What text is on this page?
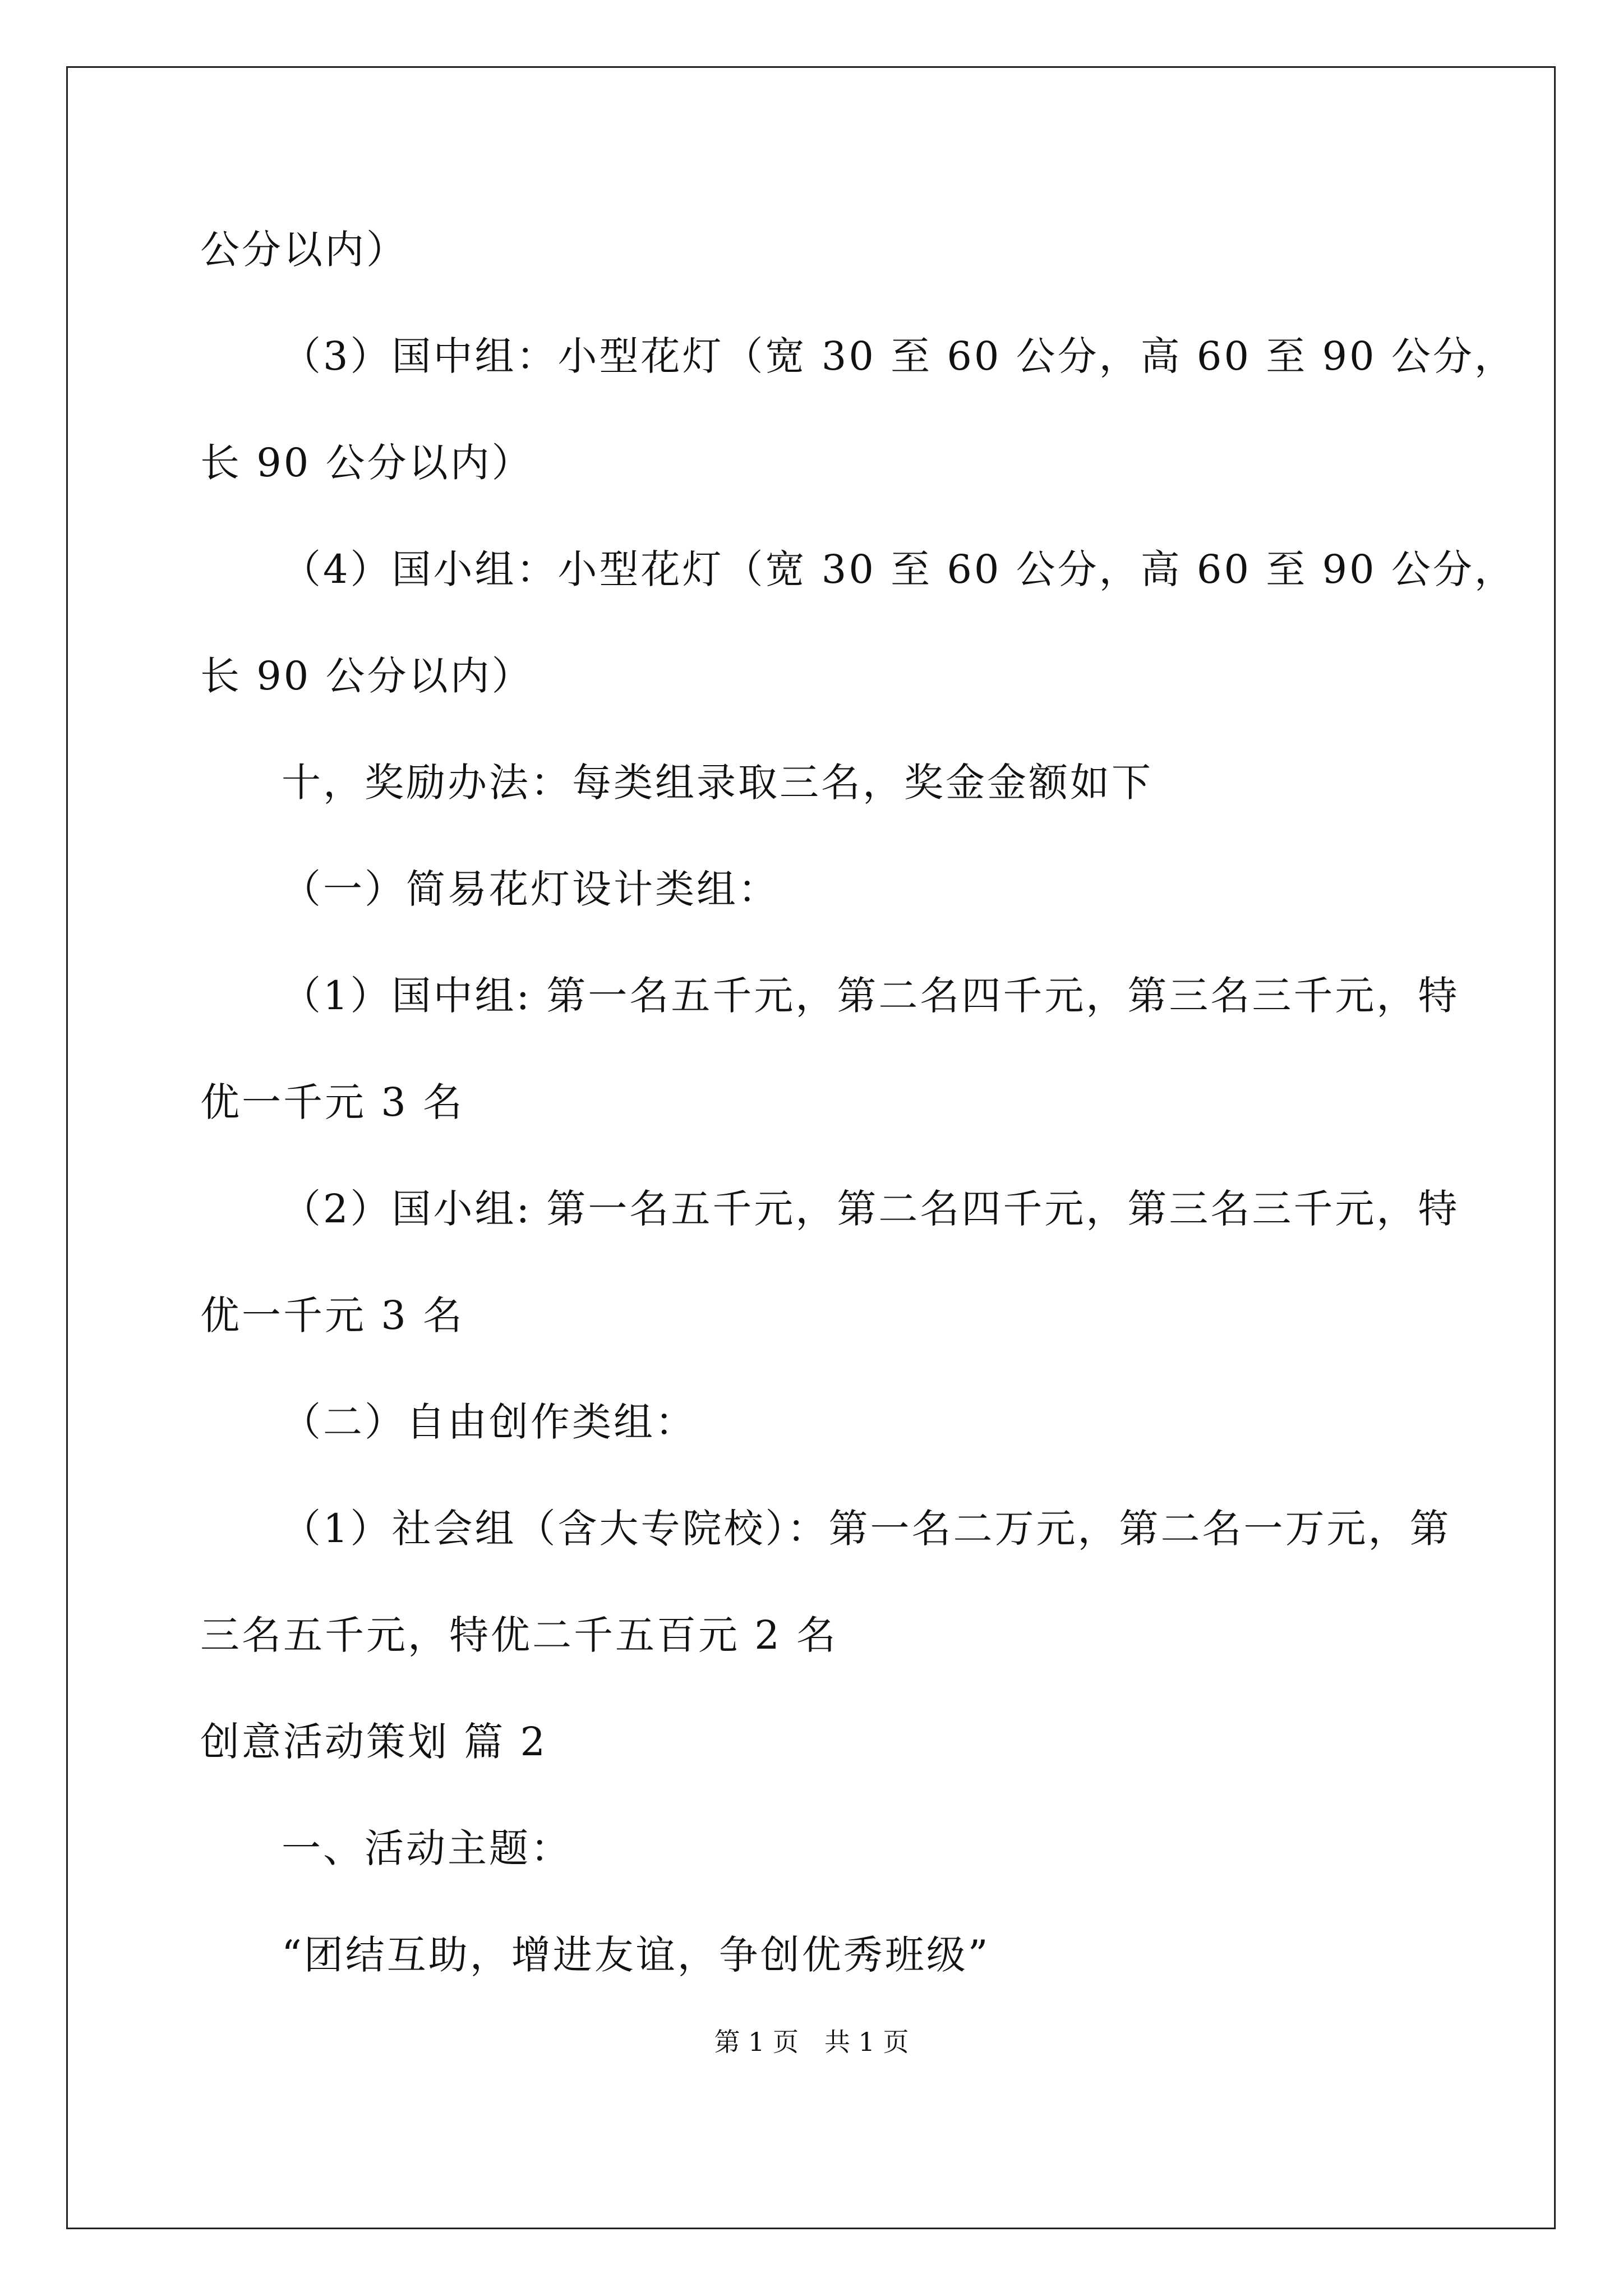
公分以内）
（3）国中组：小型花灯（宽 30 至 60 公分，高 60 至 90 公分，
长 90 公分以内）
（4）国小组：小型花灯（宽 30 至 60 公分，高 60 至 90 公分，
长 90 公分以内）
十，奖励办法：每类组录取三名，奖金金额如下
（一）简易花灯设计类组：
（1）国中组: 第一名五千元，第二名四千元，第三名三千元，特
优一千元 3 名
（2）国小组: 第一名五千元，第二名四千元，第三名三千元，特
优一千元 3 名
（二）自由创作类组：
（1）社会组（含大专院校）：第一名二万元，第二名一万元，第
三名五千元，特优二千五百元 2 名
创意活动策划 篇 2
一、活动主题：
“团结互助，增进友谊，争创优秀班级”
第 1 页　共 1 页
